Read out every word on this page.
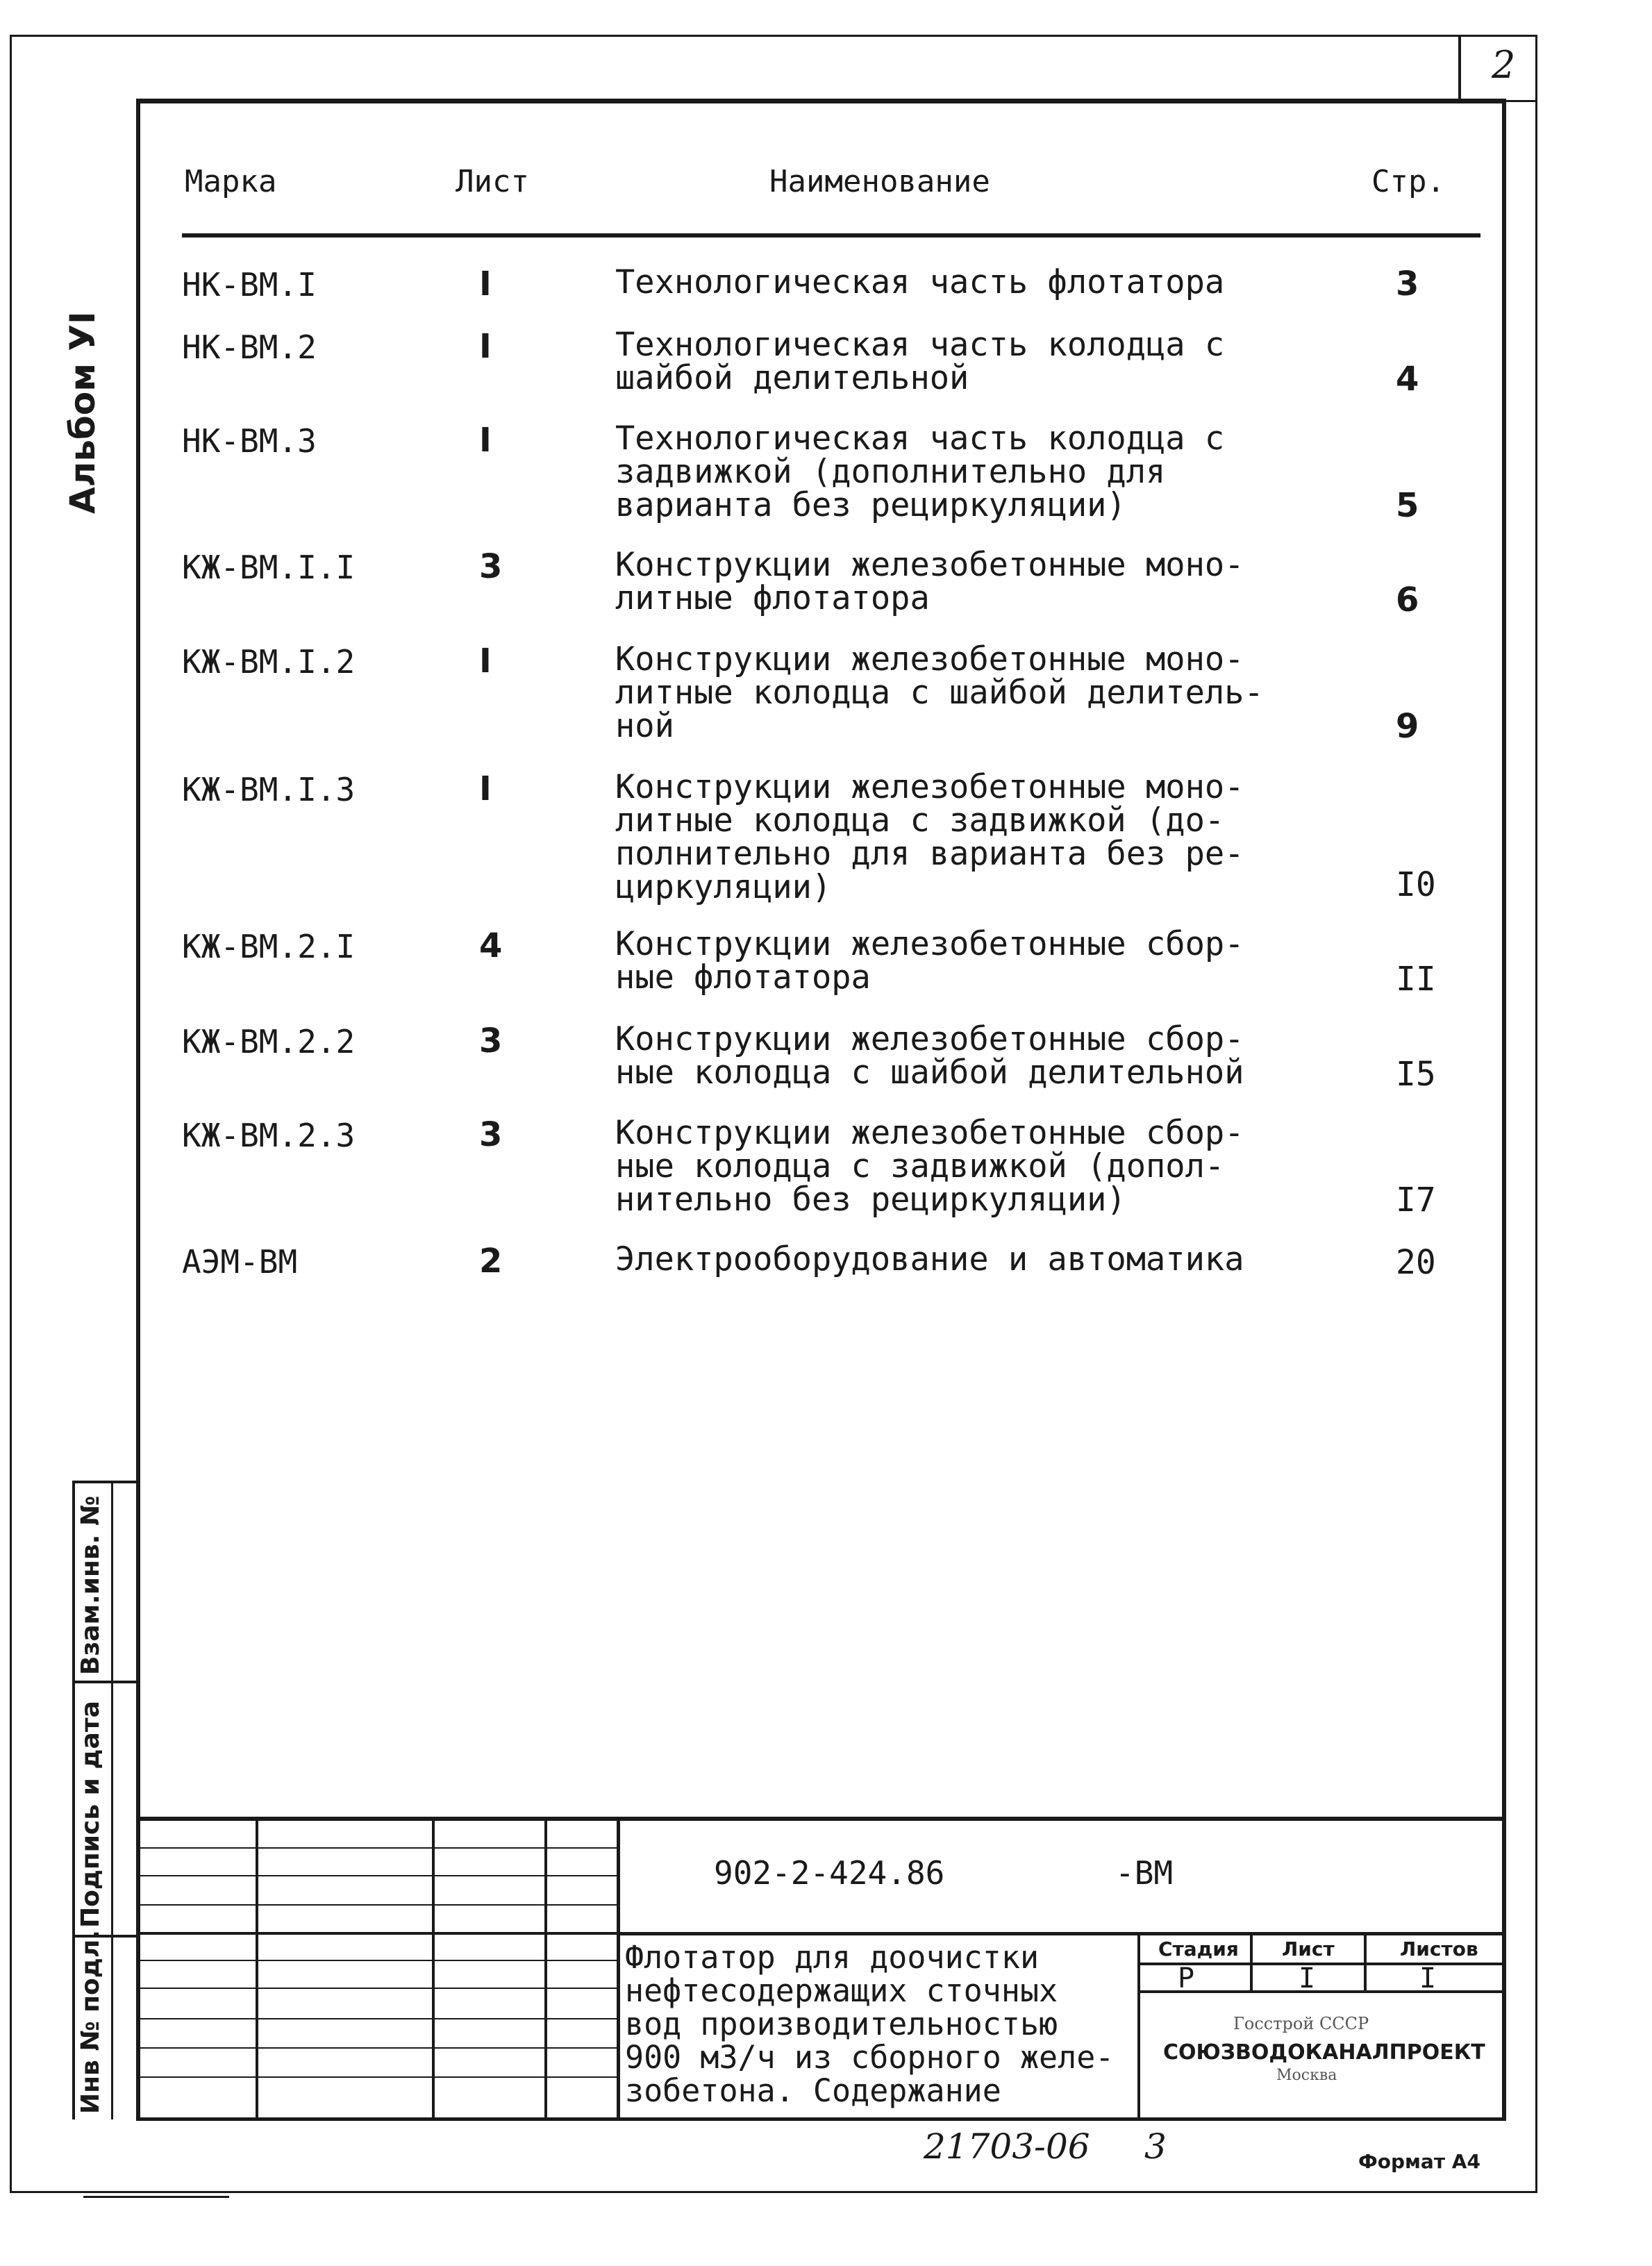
2
Альбом УI
Марка	Лист	Наименование	Стр.
НК-ВМ.I	I	Технологическая часть флотатора	3
НК-ВМ.2	I	Технологическая часть колодца с
шайбой делительной	4
НК-ВМ.3	I	Технологическая часть колодца с
задвижкой (дополнительно для
варианта без рециркуляции)	5
КЖ-ВМ.I.I	3	Конструкции железобетонные моно-
литные флотатора	6
КЖ-ВМ.I.2	I	Конструкции железобетонные моно-
литные колодца с шайбой делитель-
ной	9
КЖ-ВМ.I.3	I	Конструкции железобетонные моно-
литные колодца с задвижкой (до-
полнительно для варианта без ре-
циркуляции)	I0
КЖ-ВМ.2.I	4	Конструкции железобетонные сбор-
ные флотатора	II
КЖ-ВМ.2.2	3	Конструкции железобетонные сбор-
ные колодца с шайбой делительной	I5
КЖ-ВМ.2.3	3	Конструкции железобетонные сбор-
ные колодца с задвижкой (допол-
нительно без рециркуляции)	I7
АЭМ-ВМ	2	Электрооборудование и автоматика	20
Взам.инв. №
Подпись и дата
Инв № подл.
902-2-424.86	-ВМ
Флотатор для доочистки
нефтесодержащих сточных
вод производительностью
900 м3/ч из сборного желе-
зобетона. Содержание
Стадия Лист	Листов
Р	I	I
Госстрой СССР
СОЮЗВОДОКАНАЛПРОЕКТ
Москва
21703-06 3	Формат А4
